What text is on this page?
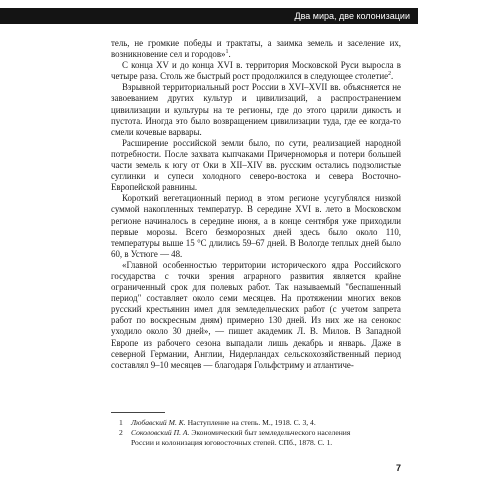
Два мира, две колонизации

тель, не громкие победы и трактаты, а заимка земель и заселение их, возникновение сел и городов»$^1$.

С конца XV и до конца XVI в. территория Московской Руси выросла в четыре раза. Столь же быстрый рост продолжился в следующее столетие$^2$.

Взрывной территориальный рост России в XVI–XVII вв. объясняется не завоеванием других культур и цивилизаций, а распространением цивилизации и культуры на те регионы, где до этого царили дикость и пустота. Иногда это было возвращением цивилизации туда, где ее когда-то смели кочевые варвары.

Расширение российской земли было, по сути, реализацией народной потребности. После захвата кыпчаками Причерноморья и потери большей части земель к югу от Оки в XII–XIV вв. русским остались подзолистые суглинки и супеси холодного северо-востока и севера Восточно-Европейской равнины.

Короткий вегетационный период в этом регионе усугублялся низкой суммой накопленных температур. В середине XVI в. лето в Московском регионе начиналось в середине июня, а в конце сентября уже приходили первые морозы. Всего безморозных дней здесь было около 110, температуры выше 15 °С длились 59–67 дней. В Вологде теплых дней было 60, в Устюге — 48.

«Главной особенностью территории исторического ядра Российского государства с точки зрения аграрного развития является крайне ограниченный срок для полевых работ. Так называемый "беспашенный период" составляет около семи месяцев. На протяжении многих веков русский крестьянин имел для земледельческих работ (с учетом запрета работ по воскресным дням) примерно 130 дней. Из них же на сенокос уходило около 30 дней», — пишет академик Л. В. Милов. В Западной Европе из рабочего сезона выпадали лишь декабрь и январь. Даже в северной Германии, Англии, Нидерландах сельскохозяйственный период составлял 9–10 месяцев — благодаря Гольфстриму и атлантиче-

1 Любавский М. К. Наступление на степь. М., 1918. С. 3, 4.

2 Соколовский П. А. Экономический быт земледельческого населения

России и колонизация юговосточных степей. СПб., 1878. С. 1.
7
